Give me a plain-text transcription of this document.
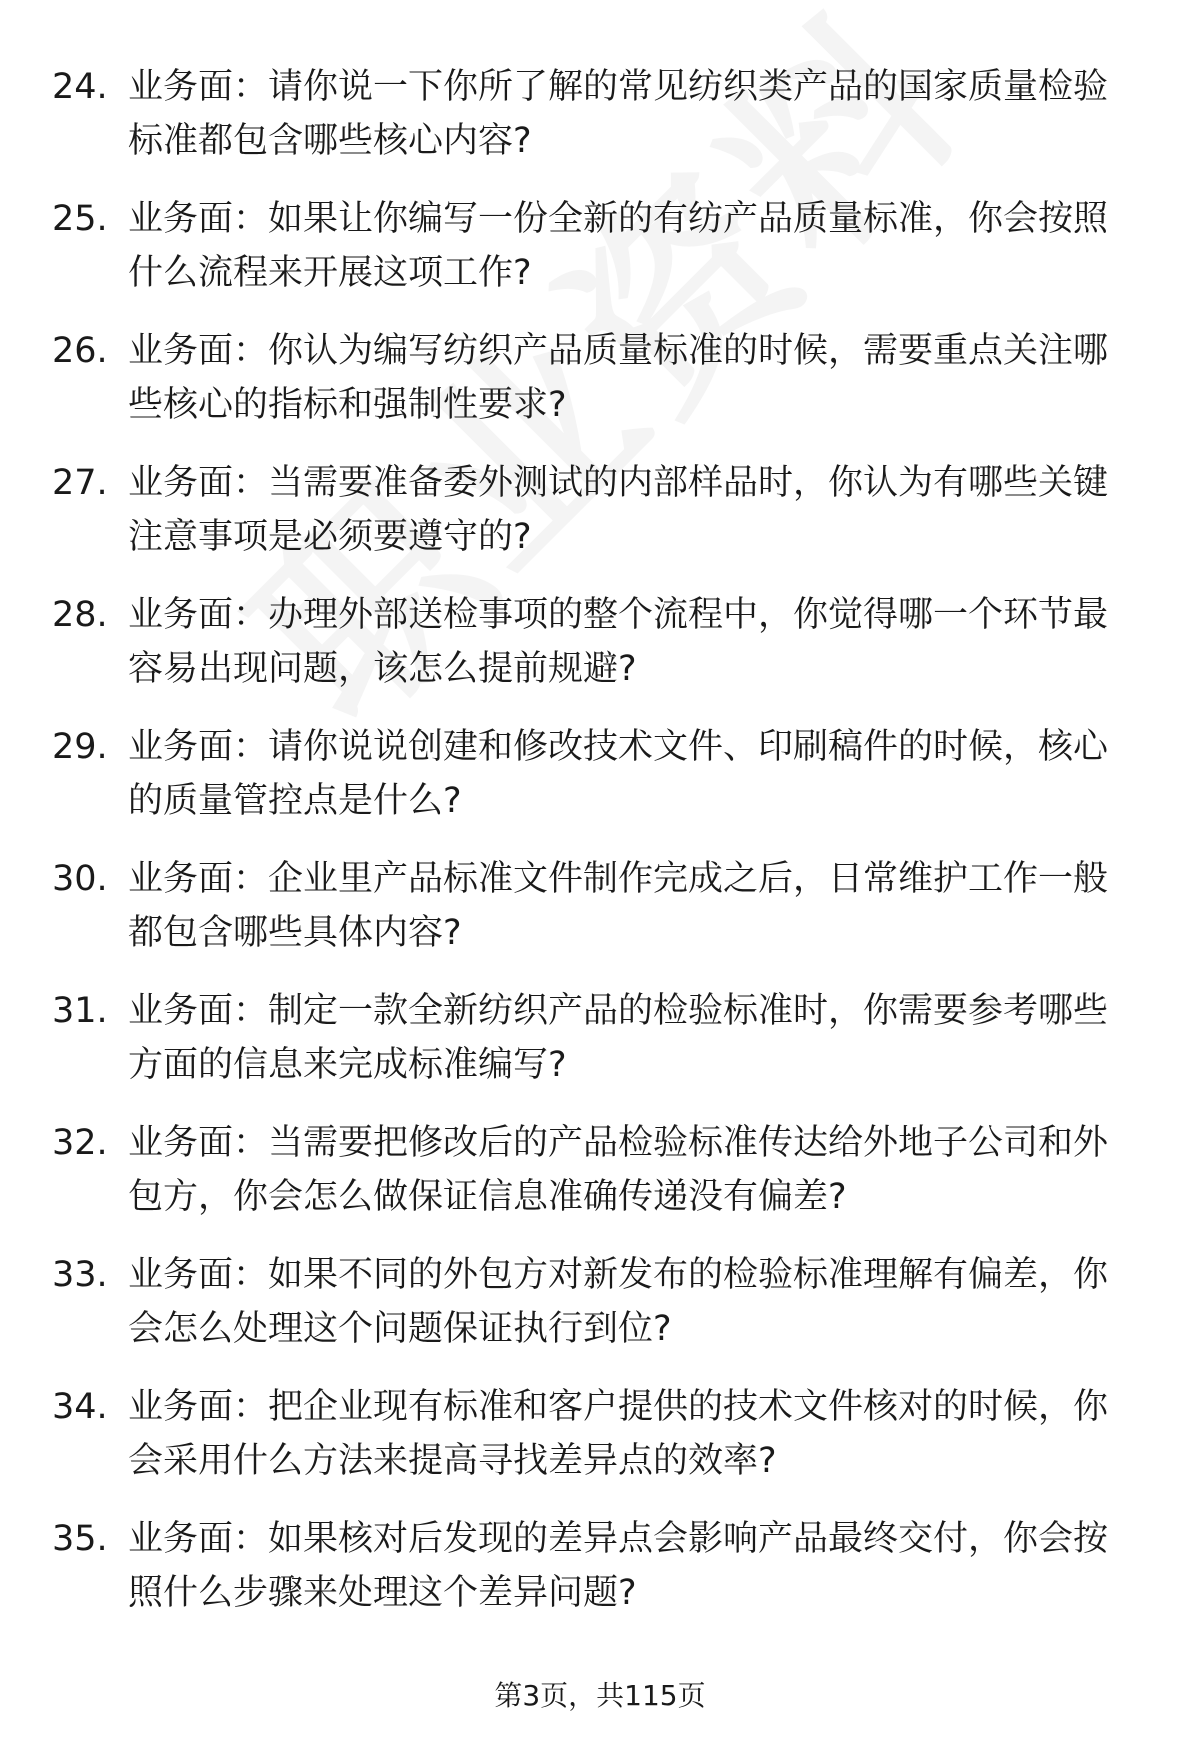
24. 业务面：请你说一下你所了解的常见纺织类产品的国家质量检验标准都包含哪些核心内容?
25. 业务面：如果让你编写一份全新的有纺产品质量标准，你会按照什么流程来开展这项工作?
26. 业务面：你认为编写纺织产品质量标准的时候，需要重点关注哪些核心的指标和强制性要求?
27. 业务面：当需要准备委外测试的内部样品时，你认为有哪些关键注意事项是必须要遵守的?
28. 业务面：办理外部送检事项的整个流程中，你觉得哪一个环节最容易出现问题，该怎么提前规避?
29. 业务面：请你说说创建和修改技术文件、印刷稿件的时候，核心的质量管控点是什么?
30. 业务面：企业里产品标准文件制作完成之后，日常维护工作一般都包含哪些具体内容?
31. 业务面：制定一款全新纺织产品的检验标准时，你需要参考哪些方面的信息来完成标准编写?
32. 业务面：当需要把修改后的产品检验标准传达给外地子公司和外包方，你会怎么做保证信息准确传递没有偏差?
33. 业务面：如果不同的外包方对新发布的检验标准理解有偏差，你会怎么处理这个问题保证执行到位?
34. 业务面：把企业现有标准和客户提供的技术文件核对的时候，你会采用什么方法来提高寻找差异点的效率?
35. 业务面：如果核对后发现的差异点会影响产品最终交付，你会按照什么步骤来处理这个差异问题?
第3页，共115页
